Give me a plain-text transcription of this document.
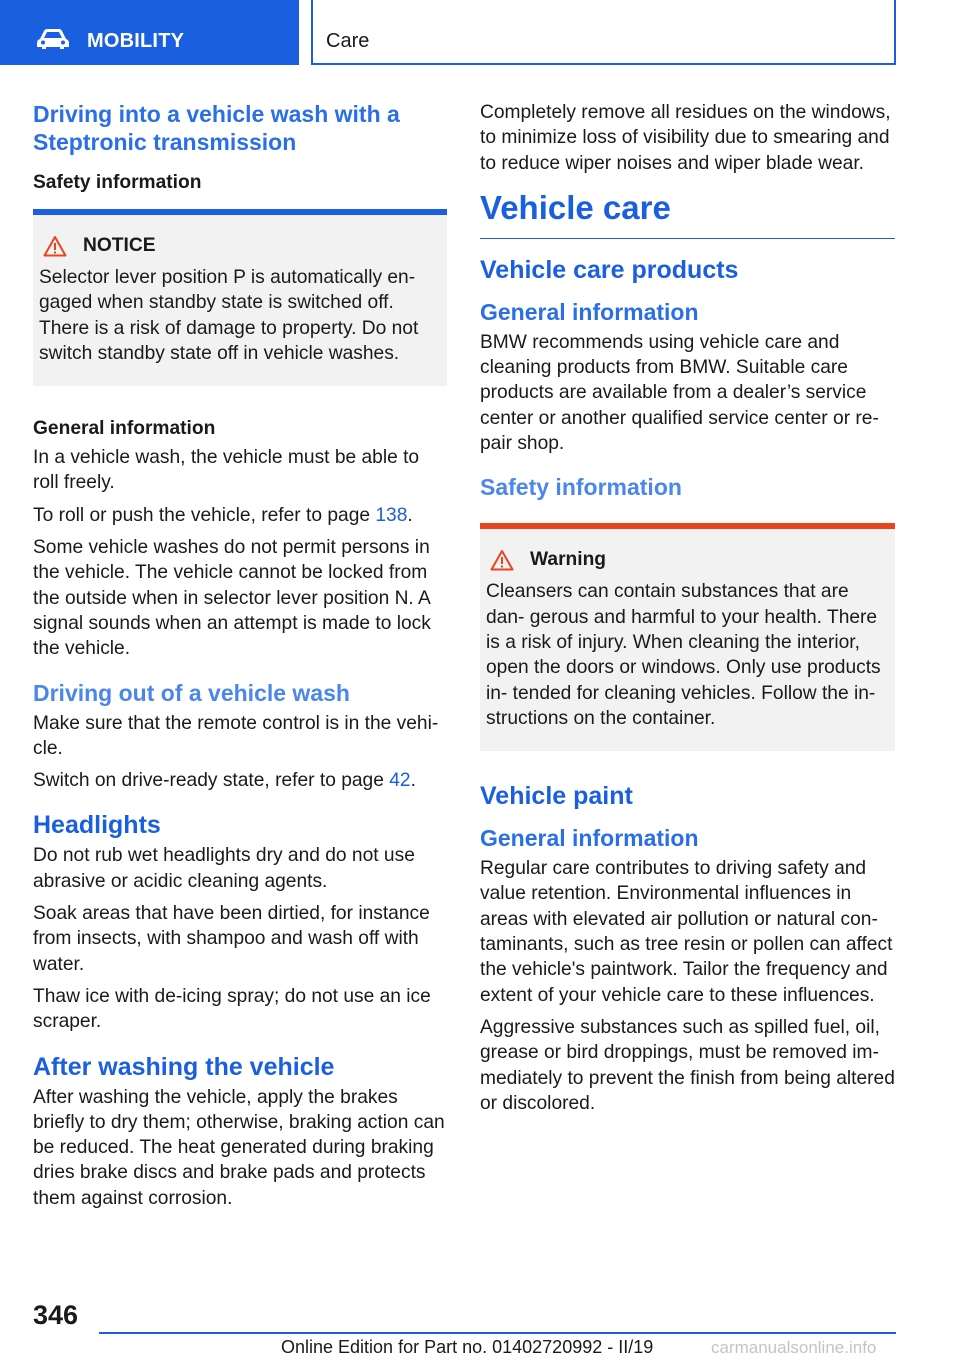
MOBILITY	Care
Driving into a vehicle wash with a Steptronic transmission
Safety information
NOTICE

Selector lever position P is automatically en‐ gaged when standby state is switched off. There is a risk of damage to property. Do not switch standby state off in vehicle washes.

General information

In a vehicle wash, the vehicle must be able to roll freely.

To roll or push the vehicle, refer to page 138.

Some vehicle washes do not permit persons in the vehicle. The vehicle cannot be locked from the outside when in selector lever position N. A signal sounds when an attempt is made to lock the vehicle.

Driving out of a vehicle wash

Make sure that the remote control is in the vehi‐ cle.

Switch on drive-ready state, refer to page 42.

Headlights

Do not rub wet headlights dry and do not use abrasive or acidic cleaning agents.

Soak areas that have been dirtied, for instance from insects, with shampoo and wash off with water.

Thaw ice with de-icing spray; do not use an ice scraper.

After washing the vehicle

After washing the vehicle, apply the brakes briefly to dry them; otherwise, braking action can be reduced. The heat generated during braking dries brake discs and brake pads and protects them against corrosion.

Completely remove all residues on the windows, to minimize loss of visibility due to smearing and to reduce wiper noises and wiper blade wear.

Vehicle care
Vehicle care products
General information

BMW recommends using vehicle care and cleaning products from BMW. Suitable care products are available from a dealer’s service center or another qualified service center or re‐ pair shop.

Safety information
Warning

Cleansers can contain substances that are dan‐ gerous and harmful to your health. There is a risk of injury. When cleaning the interior, open the doors or windows. Only use products in‐ tended for cleaning vehicles. Follow the in‐ structions on the container.

Vehicle paint
General information

Regular care contributes to driving safety and value retention. Environmental influences in areas with elevated air pollution or natural con‐ taminants, such as tree resin or pollen can affect the vehicle's paintwork. Tailor the frequency and extent of your vehicle care to these influences.

Aggressive substances such as spilled fuel, oil, grease or bird droppings, must be removed im‐ mediately to prevent the finish from being altered or discolored.

346
Online Edition for Part no. 01402720992 - II/19	carmanualsonline.info
